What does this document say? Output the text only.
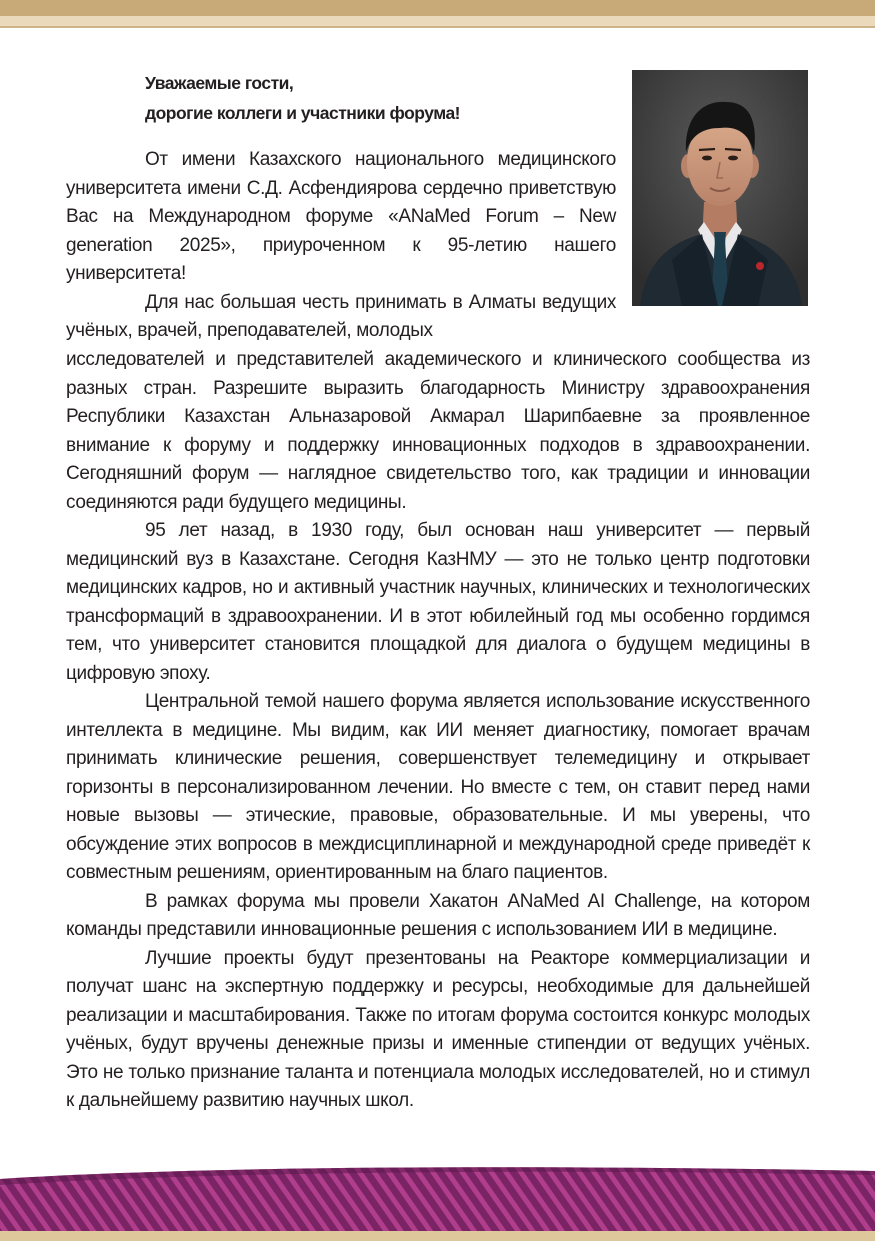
Уважаемые гости,
дорогие коллеги и участники форума!

От имени Казахского национального медицинского университета имени С.Д. Асфендиярова сердечно приветствую Вас на Международном форуме «ANaMed Forum – New generation 2025», приуроченном к 95-летию нашего университета!

Для нас большая честь принимать в Алматы ведущих учёных, врачей, преподавателей, молодых

исследователей и представителей академического и клинического сообщества из разных стран. Разрешите выразить благодарность Министру здравоохранения Республики Казахстан Альназаровой Акмарал Шарипбаевне за проявленное внимание к форуму и поддержку инновационных подходов в здравоохранении. Сегодняшний форум — наглядное свидетельство того, как традиции и инновации соединяются ради будущего медицины.

95 лет назад, в 1930 году, был основан наш университет — первый медицинский вуз в Казахстане. Сегодня КазНМУ — это не только центр подготовки медицинских кадров, но и активный участник научных, клинических и технологических трансформаций в здравоохранении. И в этот юбилейный год мы особенно гордимся тем, что университет становится площадкой для диалога о будущем медицины в цифровую эпоху.

Центральной темой нашего форума является использование искусственного интеллекта в медицине. Мы видим, как ИИ меняет диагностику, помогает врачам принимать клинические решения, совершенствует телемедицину и открывает горизонты в персонализированном лечении. Но вместе с тем, он ставит перед нами новые вызовы — этические, правовые, образовательные. И мы уверены, что обсуждение этих вопросов в междисциплинарной и международной среде приведёт к совместным решениям, ориентированным на благо пациентов.

В рамках форума мы провели Хакатон ANaMed AI Challenge, на котором команды представили инновационные решения с использованием ИИ в медицине.

Лучшие проекты будут презентованы на Реакторе коммерциализации и получат шанс на экспертную поддержку и ресурсы, необходимые для дальнейшей реализации и масштабирования. Также по итогам форума состоится конкурс молодых учёных, будут вручены денежные призы и именные стипендии от ведущих учёных. Это не только признание таланта и потенциала молодых исследователей, но и стимул к дальнейшему развитию научных школ.
